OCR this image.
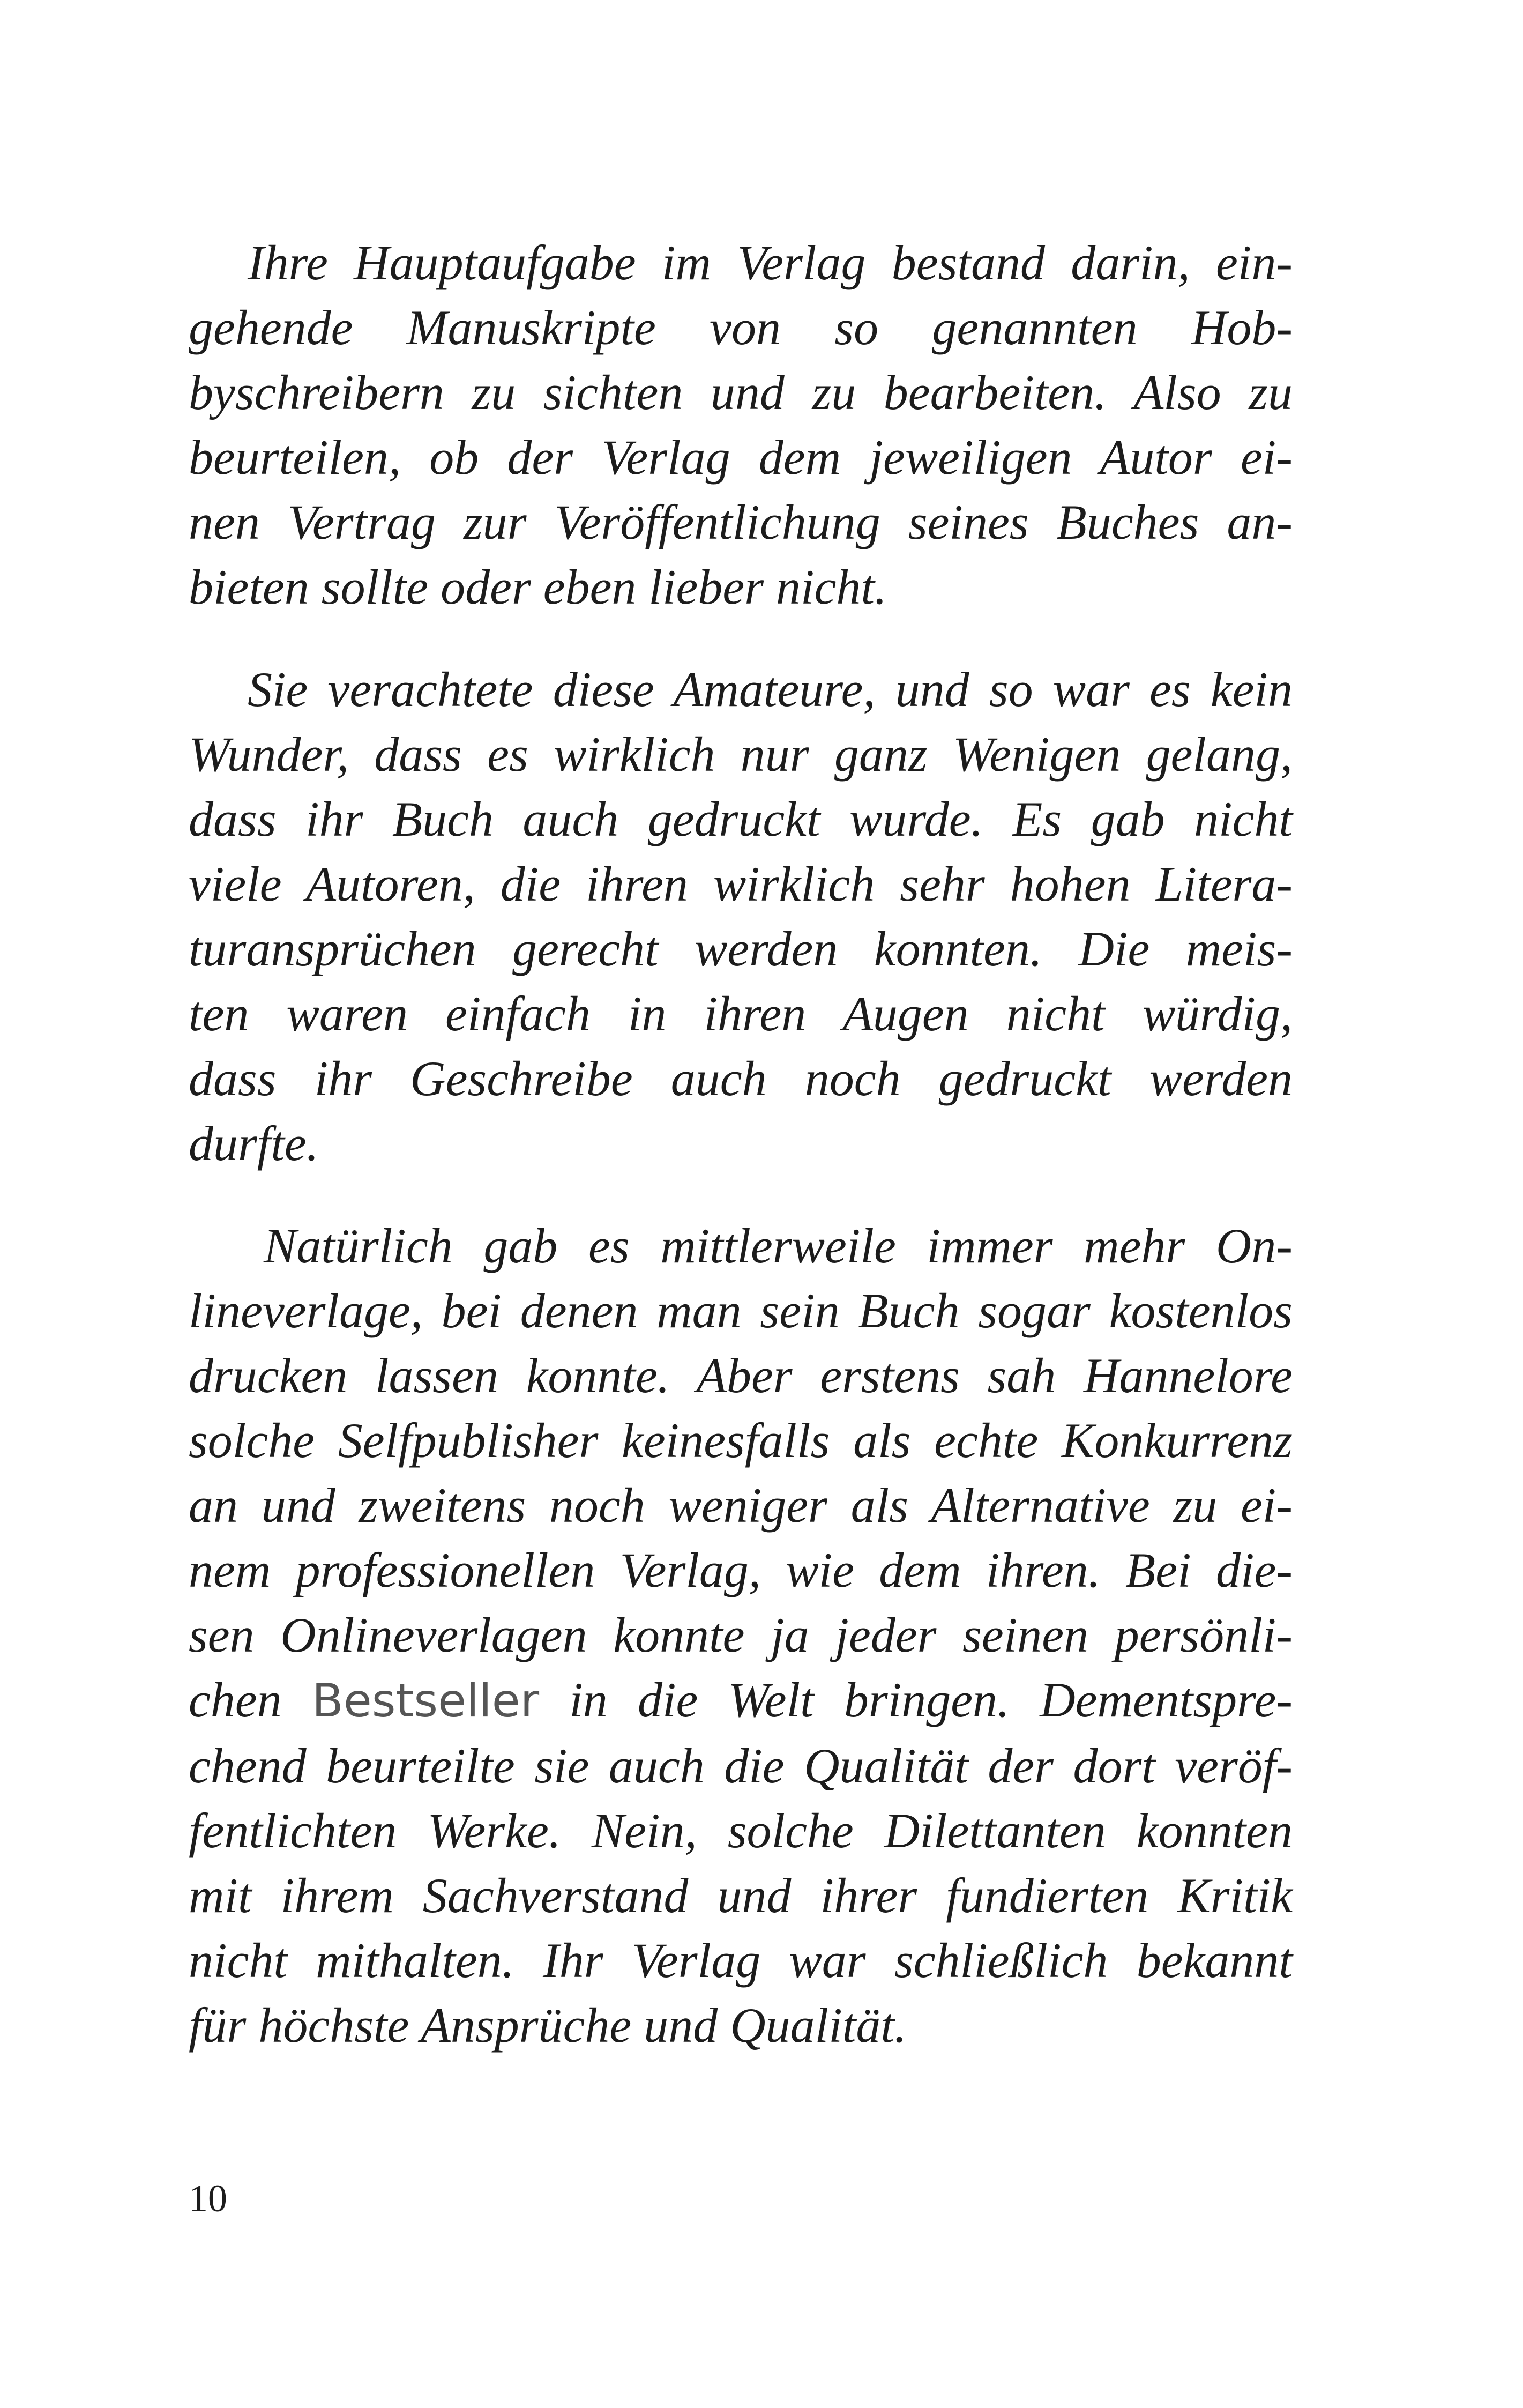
Ihre Hauptaufgabe im Verlag bestand darin, ein-
gehende Manuskripte von so genannten Hob-
byschreibern zu sichten und zu bearbeiten. Also zu
beurteilen, ob der Verlag dem jeweiligen Autor ei-
nen Vertrag zur Veröffentlichung seines Buches an-
bieten sollte oder eben lieber nicht.

Sie verachtete diese Amateure, und so war es kein
Wunder, dass es wirklich nur ganz Wenigen gelang,
dass ihr Buch auch gedruckt wurde. Es gab nicht
viele Autoren, die ihren wirklich sehr hohen Litera-
turansprüchen gerecht werden konnten. Die meis-
ten waren einfach in ihren Augen nicht würdig,
dass ihr Geschreibe auch noch gedruckt werden
durfte.

Natürlich gab es mittlerweile immer mehr On-
lineverlage, bei denen man sein Buch sogar kostenlos
drucken lassen konnte. Aber erstens sah Hannelore
solche Selfpublisher keinesfalls als echte Konkurrenz
an und zweitens noch weniger als Alternative zu ei-
nem professionellen Verlag, wie dem ihren. Bei die-
sen Onlineverlagen konnte ja jeder seinen persönli-
chen Bestseller in die Welt bringen. Dementspre-
chend beurteilte sie auch die Qualität der dort veröf-
fentlichten Werke. Nein, solche Dilettanten konnten
mit ihrem Sachverstand und ihrer fundierten Kritik
nicht mithalten. Ihr Verlag war schließlich bekannt
für höchste Ansprüche und Qualität.

10
